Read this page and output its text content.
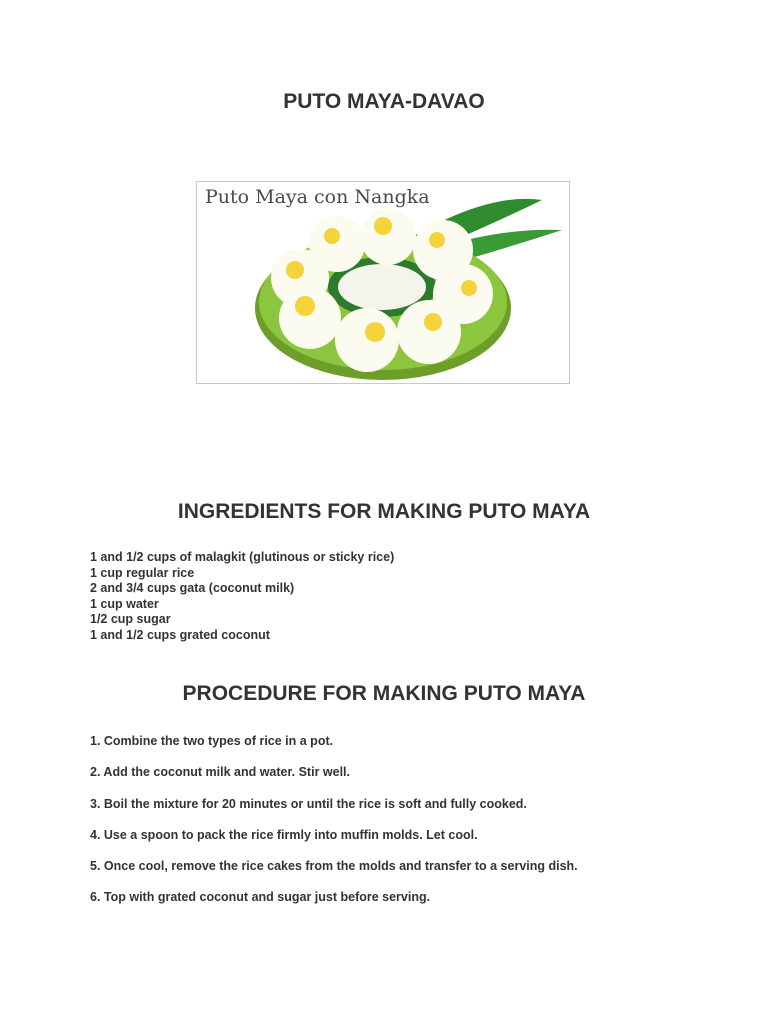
PUTO MAYA-DAVAO
Puto Maya con Nangka
INGREDIENTS FOR MAKING PUTO MAYA
1 and 1/2 cups of malagkit (glutinous or sticky rice)
1 cup regular rice
2 and 3/4 cups gata (coconut milk)
1 cup water
1/2 cup sugar
1 and 1/2 cups grated coconut
PROCEDURE FOR MAKING PUTO MAYA
1. Combine the two types of rice in a pot.
2. Add the coconut milk and water. Stir well.
3. Boil the mixture for 20 minutes or until the rice is soft and fully cooked.
4. Use a spoon to pack the rice firmly into muffin molds. Let cool.
5. Once cool, remove the rice cakes from the molds and transfer to a serving dish.
6. Top with grated coconut and sugar just before serving.
